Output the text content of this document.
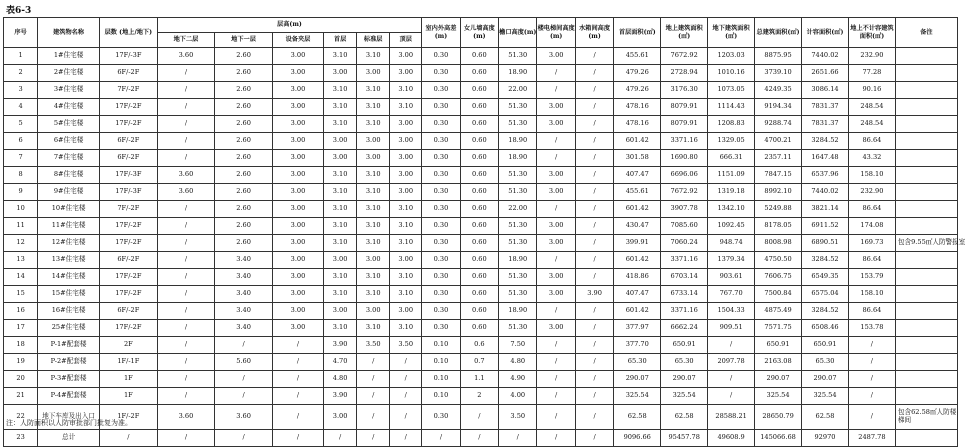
表6-3
序号	建筑物名称	层数 (地上/地下)	层高(m)						室内外高差(m)	女儿墙高度(m)	檐口高度(m)	楼电梯间高度(m)	水箱间高度(m)	首层面积(㎡)	地上建筑面积(㎡)	地下建筑面积(㎡)	总建筑面积(㎡)	计容面积(㎡)	地上不计容建筑面积(㎡)	备注
			地下二层	地下一层	设备夹层	首层	标准层	顶层												
1	1#住宅楼	17F/-3F	3.60	2.60	3.00	3.10	3.10	3.00	0.30	0.60	51.30	3.00	/	455.61	7672.92	1203.03	8875.95	7440.02	232.90	
2	2#住宅楼	6F/-2F	/	2.60	3.00	3.00	3.00	3.00	0.30	0.60	18.90	/	/	479.26	2728.94	1010.16	3739.10	2651.66	77.28	
3	3#住宅楼	7F/-2F	/	2.60	3.00	3.10	3.10	3.10	0.30	0.60	22.00	/	/	479.26	3176.30	1073.05	4249.35	3086.14	90.16	
4	4#住宅楼	17F/-2F	/	2.60	3.00	3.10	3.10	3.10	0.30	0.60	51.30	3.00	/	478.16	8079.91	1114.43	9194.34	7831.37	248.54	
5	5#住宅楼	17F/-2F	/	2.60	3.00	3.10	3.10	3.00	0.30	0.60	51.30	3.00	/	478.16	8079.91	1208.83	9288.74	7831.37	248.54	
6	6#住宅楼	6F/-2F	/	2.60	3.00	3.00	3.00	3.00	0.30	0.60	18.90	/	/	601.42	3371.16	1329.05	4700.21	3284.52	86.64	
7	7#住宅楼	6F/-2F	/	2.60	3.00	3.00	3.00	3.00	0.30	0.60	18.90	/	/	301.58	1690.80	666.31	2357.11	1647.48	43.32	
8	8#住宅楼	17F/-3F	3.60	2.60	3.00	3.10	3.10	3.00	0.30	0.60	51.30	3.00	/	407.47	6696.06	1151.09	7847.15	6537.96	158.10	
9	9#住宅楼	17F/-3F	3.60	2.60	3.00	3.10	3.10	3.00	0.30	0.60	51.30	3.00	/	455.61	7672.92	1319.18	8992.10	7440.02	232.90	
10	10#住宅楼	7F/-2F	/	2.60	3.00	3.10	3.10	3.10	0.30	0.60	22.00	/	/	601.42	3907.78	1342.10	5249.88	3821.14	86.64	
11	11#住宅楼	17F/-2F	/	2.60	3.00	3.10	3.10	3.10	0.30	0.60	51.30	3.00	/	430.47	7085.60	1092.45	8178.05	6911.52	174.08	
12	12#住宅楼	17F/-2F	/	2.60	3.00	3.10	3.10	3.10	0.30	0.60	51.30	3.00	/	399.91	7060.24	948.74	8008.98	6890.51	169.73	包含9.55㎡人防警报室
13	13#住宅楼	6F/-2F	/	3.40	3.00	3.00	3.00	3.00	0.30	0.60	18.90	/	/	601.42	3371.16	1379.34	4750.50	3284.52	86.64	
14	14#住宅楼	17F/-2F	/	3.40	3.00	3.10	3.10	3.10	0.30	0.60	51.30	3.00	/	418.86	6703.14	903.61	7606.75	6549.35	153.79	
15	15#住宅楼	17F/-2F	/	3.40	3.00	3.10	3.10	3.10	0.30	0.60	51.30	3.00	3.90	407.47	6733.14	767.70	7500.84	6575.04	158.10	
16	16#住宅楼	6F/-2F	/	3.40	3.00	3.00	3.00	3.00	0.30	0.60	18.90	/	/	601.42	3371.16	1504.33	4875.49	3284.52	86.64	
17	25#住宅楼	17F/-2F	/	3.40	3.00	3.10	3.10	3.10	0.30	0.60	51.30	3.00	/	377.97	6662.24	909.51	7571.75	6508.46	153.78	
18	P-1#配套楼	2F	/	/	/	3.90	3.50	3.50	0.10	0.6	7.50	/	/	377.70	650.91	/	650.91	650.91	/	
19	P-2#配套楼	1F/-1F	/	5.60	/	4.70	/	/	0.10	0.7	4.80	/	/	65.30	65.30	2097.78	2163.08	65.30	/	
20	P-3#配套楼	1F	/	/	/	4.80	/	/	0.10	1.1	4.90	/	/	290.07	290.07	/	290.07	290.07	/	
21	P-4#配套楼	1F	/	/	/	3.90	/	/	0.10	2	4.00	/	/	325.54	325.54	/	325.54	325.54	/	
22	地下车库及出入口	1F/-2F	3.60	3.60	/	3.00	/	/	0.30	/	3.50	/	/	62.58	62.58	28588.21	28650.79	62.58	/	包含62.58㎡人防楼梯间
23	总计	/	/	/	/	/	/	/	/	/	/	/	/	9096.66	95457.78	49608.9	145066.68	92970	2487.78	
注：人防面积以人防审批部门批复为准。
